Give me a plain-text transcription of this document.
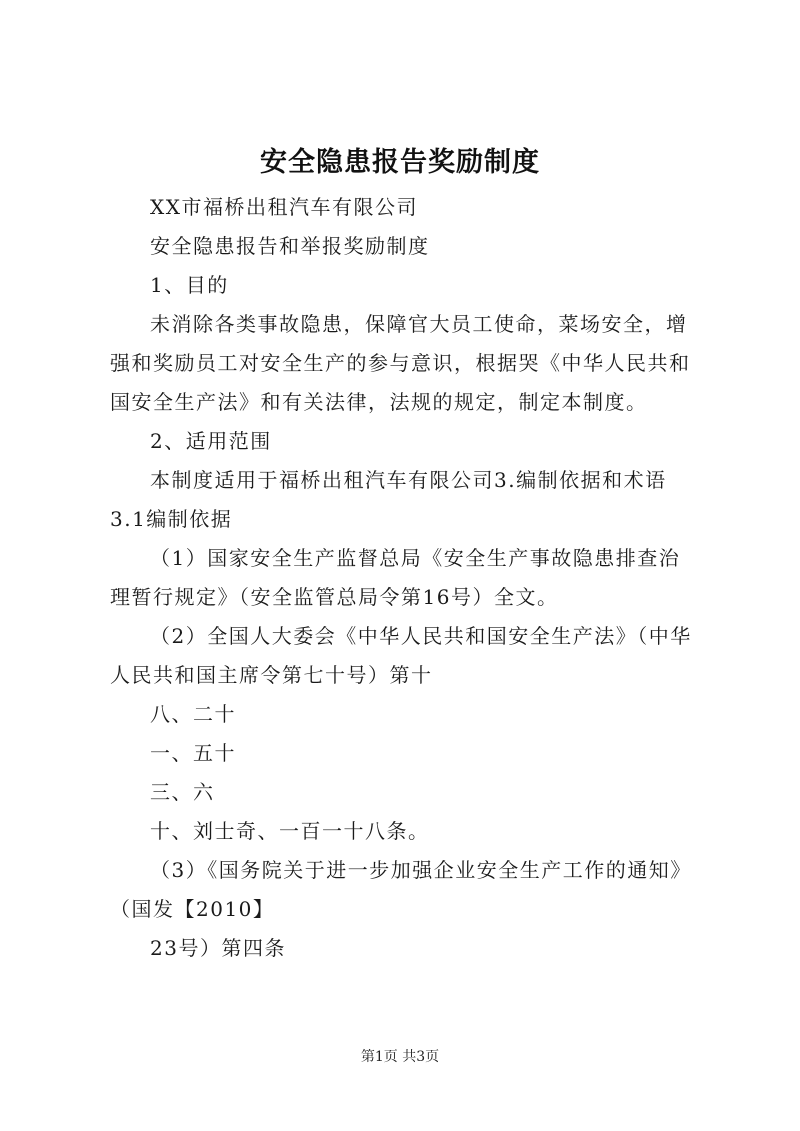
安全隐患报告奖励制度

XX市福桥出租汽车有限公司

安全隐患报告和举报奖励制度

1、目的

未消除各类事故隐患，保障官大员工使命，菜场安全，增强和奖励员工对安全生产的参与意识，根据哭《中华人民共和国安全生产法》和有关法律，法规的规定，制定本制度。

2、适用范围

本制度适用于福桥出租汽车有限公司3.编制依据和术语

3.1编制依据

（1）国家安全生产监督总局《安全生产事故隐患排查治理暂行规定》（安全监管总局令第16号）全文。

（2）全国人大委会《中华人民共和国安全生产法》（中华人民共和国主席令第七十号）第十

八、二十

一、五十

三、六

十、刘士奇、一百一十八条。

（3）《国务院关于进一步加强企业安全生产工作的通知》（国发【2010】

23号）第四条

第1页 共3页
